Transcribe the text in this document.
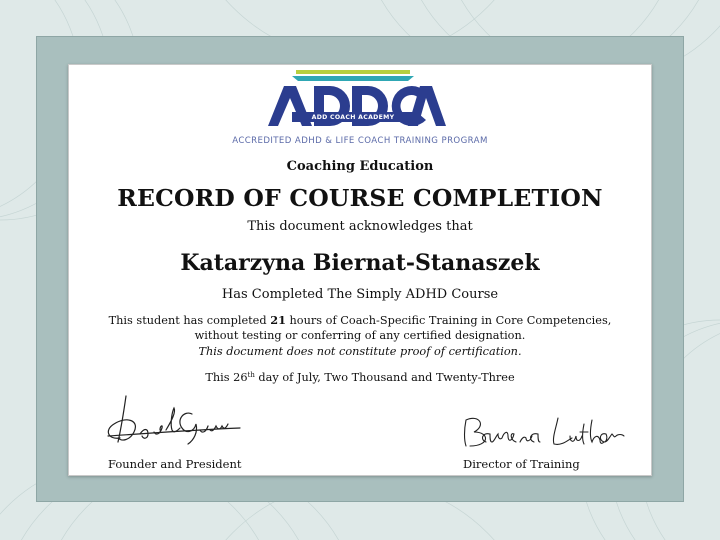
ADD COACH ACADEMY
ACCREDITED ADHD & LIFE COACH TRAINING PROGRAM
Coaching Education
RECORD OF COURSE COMPLETION
This document acknowledges that
Katarzyna Biernat-Stanaszek
Has Completed The Simply ADHD Course
This student has completed 21 hours of Coach-Specific Training in Core Competencies,
without testing or conferring of any certified designation.
This document does not constitute proof of certification.
This 26th day of July, Two Thousand and Twenty-Three
Founder and President	Director of Training
